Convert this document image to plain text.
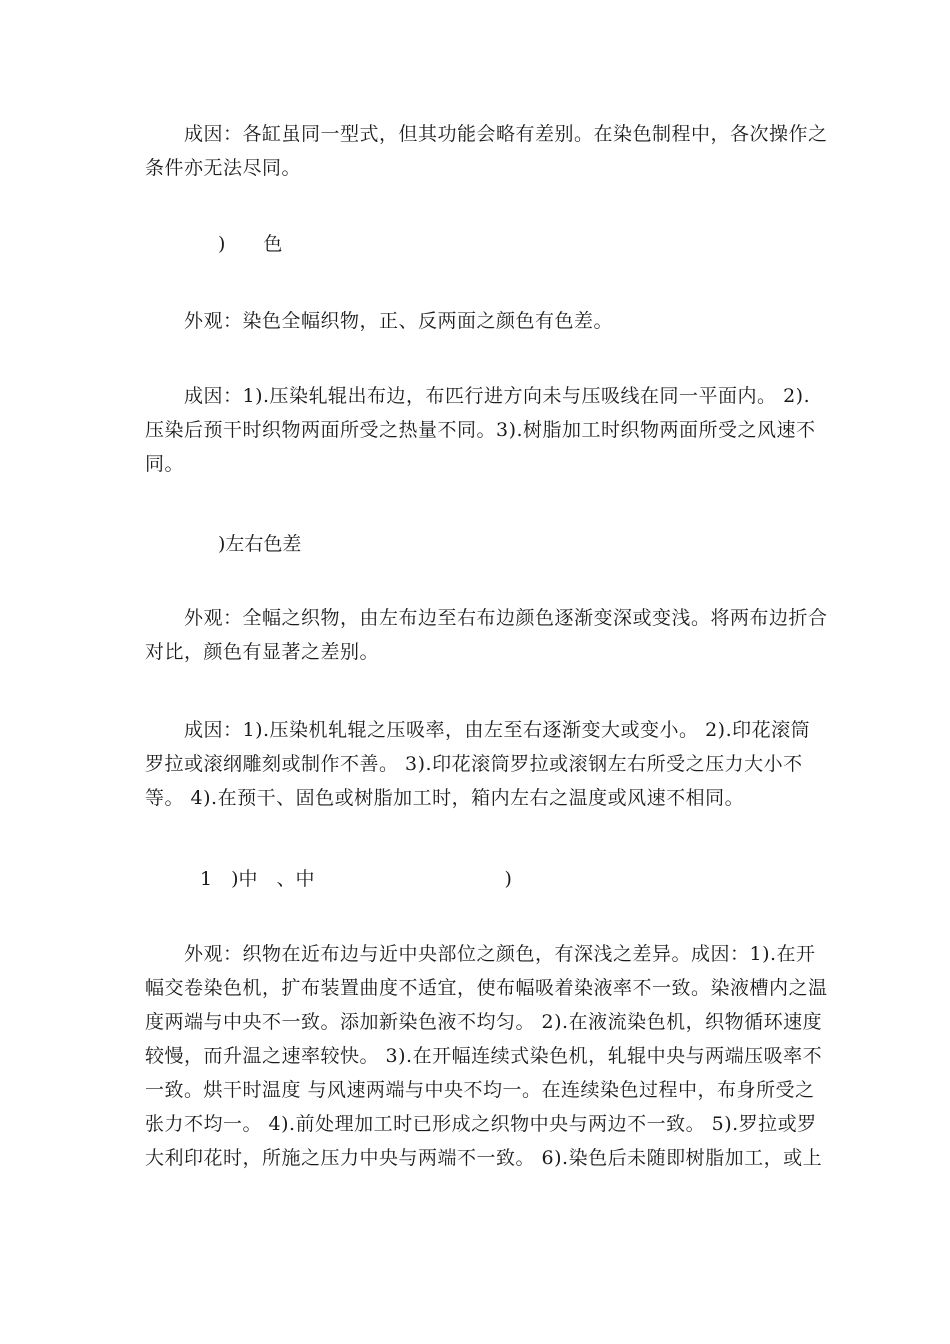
　　成因：各缸虽同一型式，但其功能会略有差别。在染色制程中，各次操作之

条件亦无法尽同。

)　　色

　　外观：染色全幅织物，正、反两面之颜色有色差。

　　成因：1).压染轧辊出布边，布匹行进方向未与压吸线在同一平面内。 2).

压染后预干时织物两面所受之热量不同。3).树脂加工时织物两面所受之风速不

同。

)左右色差

　　外观：全幅之织物，由左布边至右布边颜色逐渐变深或变浅。将两布边折合

对比，颜色有显著之差别。

　　成因：1).压染机轧辊之压吸率，由左至右逐渐变大或变小。 2).印花滚筒

罗拉或滚纲雕刻或制作不善。 3).印花滚筒罗拉或滚钢左右所受之压力大小不

等。 4).在预干、固色或树脂加工时，箱内左右之温度或风速不相同。

1　)中　、中　　　　　　　　　　)

　　外观：织物在近布边与近中央部位之颜色，有深浅之差异。成因：1).在开

幅交卷染色机，扩布装置曲度不适宜，使布幅吸着染液率不一致。染液槽内之温

度两端与中央不一致。添加新染色液不均匀。 2).在液流染色机，织物循环速度

较慢，而升温之速率较快。 3).在开幅连续式染色机，轧辊中央与两端压吸率不

一致。烘干时温度 与风速两端与中央不均一。在连续染色过程中，布身所受之

张力不均一。 4).前处理加工时已形成之织物中央与两边不一致。 5).罗拉或罗

大利印花时，所施之压力中央与两端不一致。 6).染色后未随即树脂加工，或上
